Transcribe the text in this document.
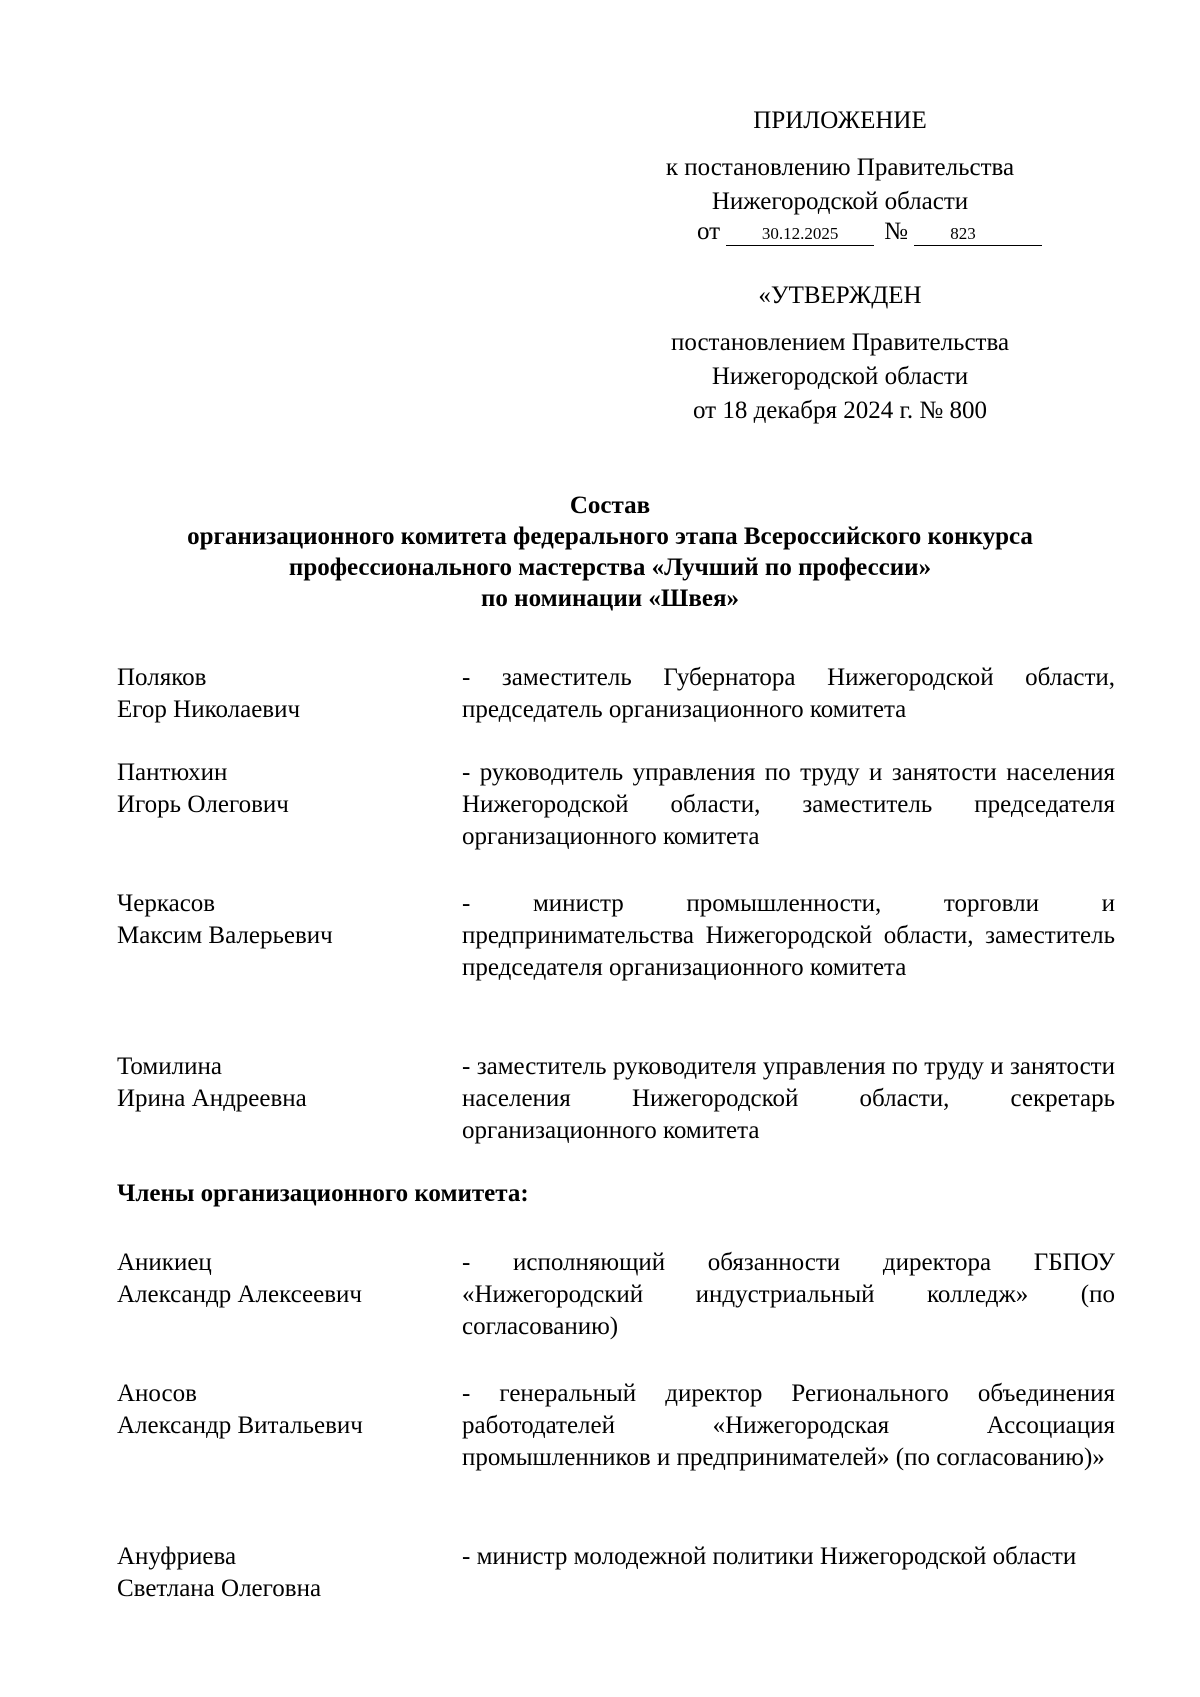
ПРИЛОЖЕНИЕ
к постановлению Правительства
Нижегородской области
от 30.12.2025 № 823
«УТВЕРЖДЕН
постановлением Правительства
Нижегородской области
от 18 декабря 2024 г. № 800
Состав
организационного комитета федерального этапа Всероссийского конкурса
профессионального мастерства «Лучший по профессии»
по номинации «Швея»
Поляков
Егор Николаевич
- заместитель Губернатора Нижегородской области, председатель организационного комитета
Пантюхин
Игорь Олегович
- руководитель управления по труду и занятости населения Нижегородской области, заместитель председателя организационного комитета
Черкасов
Максим Валерьевич
- министр промышленности, торговли и предпринимательства Нижегородской области, заместитель председателя организационного комитета
Томилина
Ирина Андреевна
- заместитель руководителя управления по труду и занятости населения Нижегородской области, секретарь организационного комитета
Члены организационного комитета:
Аникиец
Александр Алексеевич
- исполняющий обязанности директора ГБПОУ «Нижегородский индустриальный колледж» (по согласованию)
Аносов
Александр Витальевич
- генеральный директор Регионального объединения работодателей «Нижегородская Ассоциация промышленников и предпринимателей» (по согласованию)»
Ануфриева
Светлана Олеговна
- министр молодежной политики Нижегородской области
